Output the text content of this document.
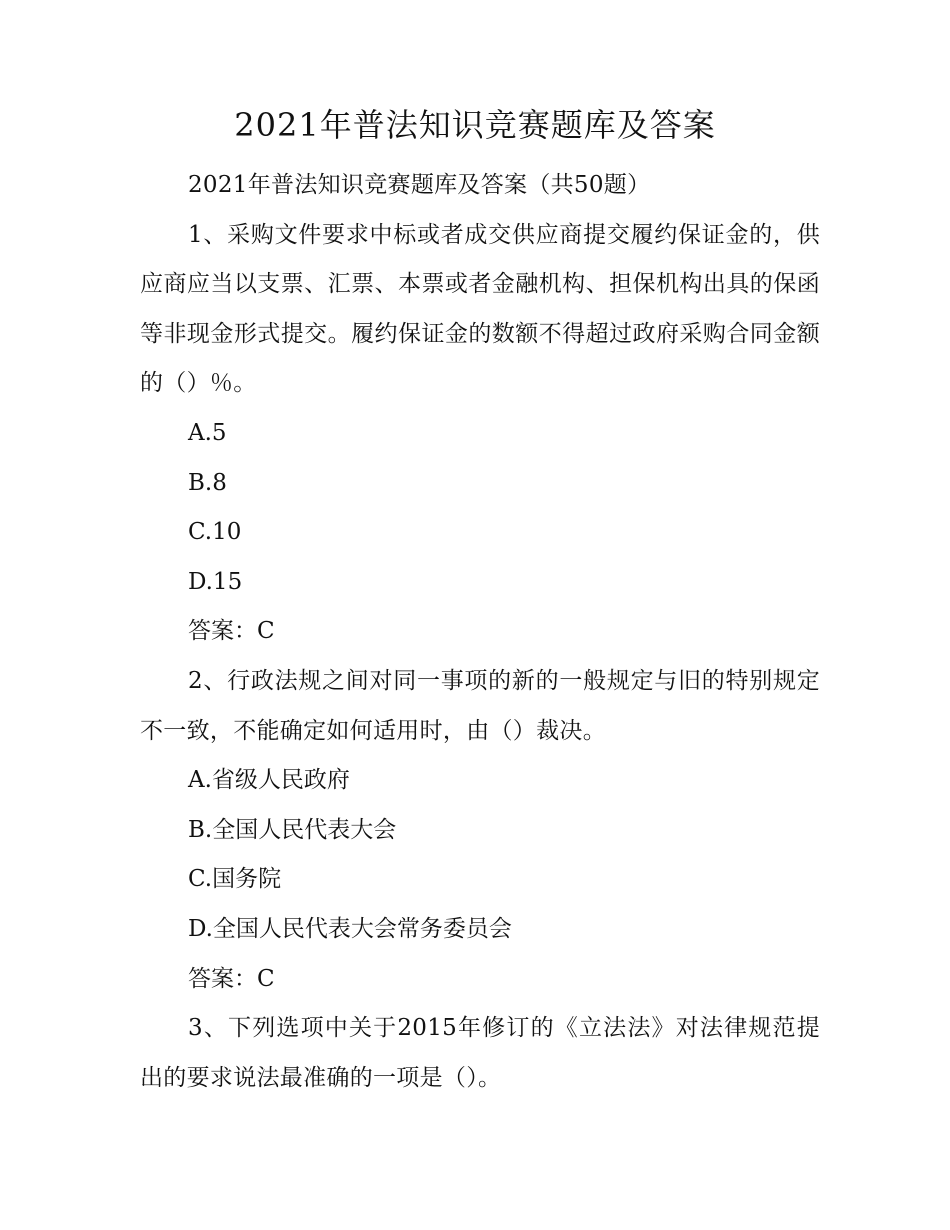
2021年普法知识竞赛题库及答案

2021年普法知识竞赛题库及答案（共50题）

1、采购文件要求中标或者成交供应商提交履约保证金的，供应商应当以支票、汇票、本票或者金融机构、担保机构出具的保函等非现金形式提交。履约保证金的数额不得超过政府采购合同金额的（）％。

A.5

B.8

C.10

D.15

答案：C

2、行政法规之间对同一事项的新的一般规定与旧的特别规定不一致，不能确定如何适用时，由（）裁决。

A.省级人民政府

B.全国人民代表大会

C.国务院

D.全国人民代表大会常务委员会

答案：C

3、下列选项中关于2015年修订的《立法法》对法律规范提出的要求说法最准确的一项是（）。
